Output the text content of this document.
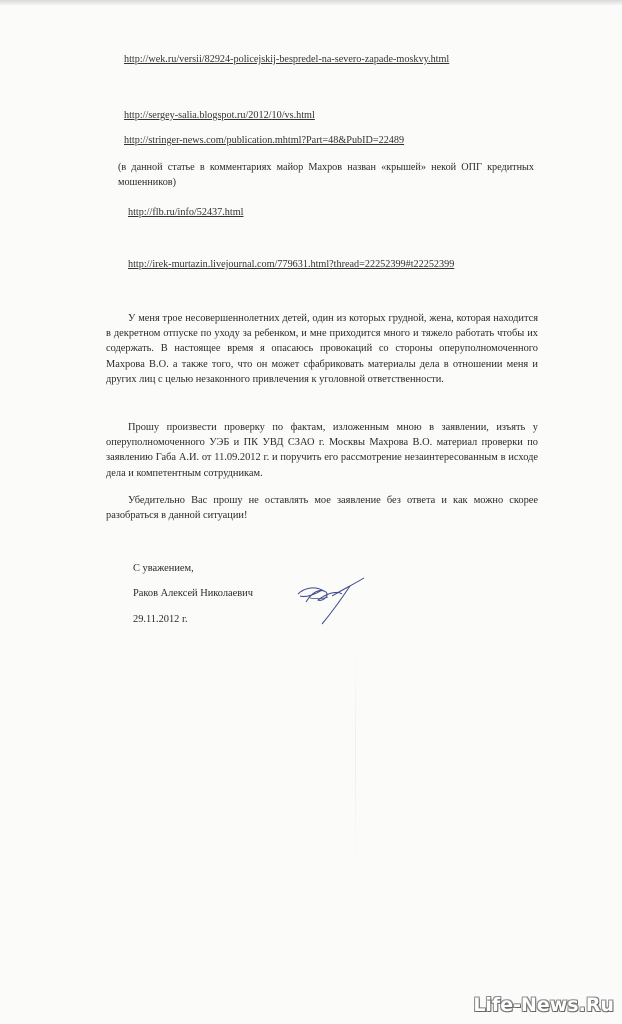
http://wek.ru/versii/82924-policejskij-bespredel-na-severo-zapade-moskvy.html
http://sergey-salia.blogspot.ru/2012/10/vs.html
http://stringer-news.com/publication.mhtml?Part=48&PubID=22489
(в данной статье в комментариях майор Махров назван «крышей» некой ОПГ кредитных мошенников)
http://flb.ru/info/52437.html
http://irek-murtazin.livejournal.com/779631.html?thread=22252399#t22252399

У меня трое несовершеннолетних детей, один из которых грудной, жена, которая находится в декретном отпуске по уходу за ребенком, и мне приходится много и тяжело работать чтобы их содержать. В настоящее время я опасаюсь провокаций со стороны оперуполномоченного Махрова В.О. а также того, что он может сфабриковать материалы дела в отношении меня и других лиц с целью незаконного привлечения к уголовной ответственности.

Прошу произвести проверку по фактам, изложенным мною в заявлении, изъять у оперуполномоченного УЭБ и ПК УВД СЗАО г. Москвы Махрова В.О. материал проверки по заявлению Габа А.И. от 11.09.2012 г. и поручить его рассмотрение незаинтересованным в исходе дела и компетентным сотрудникам.

Убедительно Вас прошу не оставлять мое заявление без ответа и как можно скорее разобраться в данной ситуации!

С уважением,
Раков Алексей Николаевич
29.11.2012 г.
Life-News.Ru
